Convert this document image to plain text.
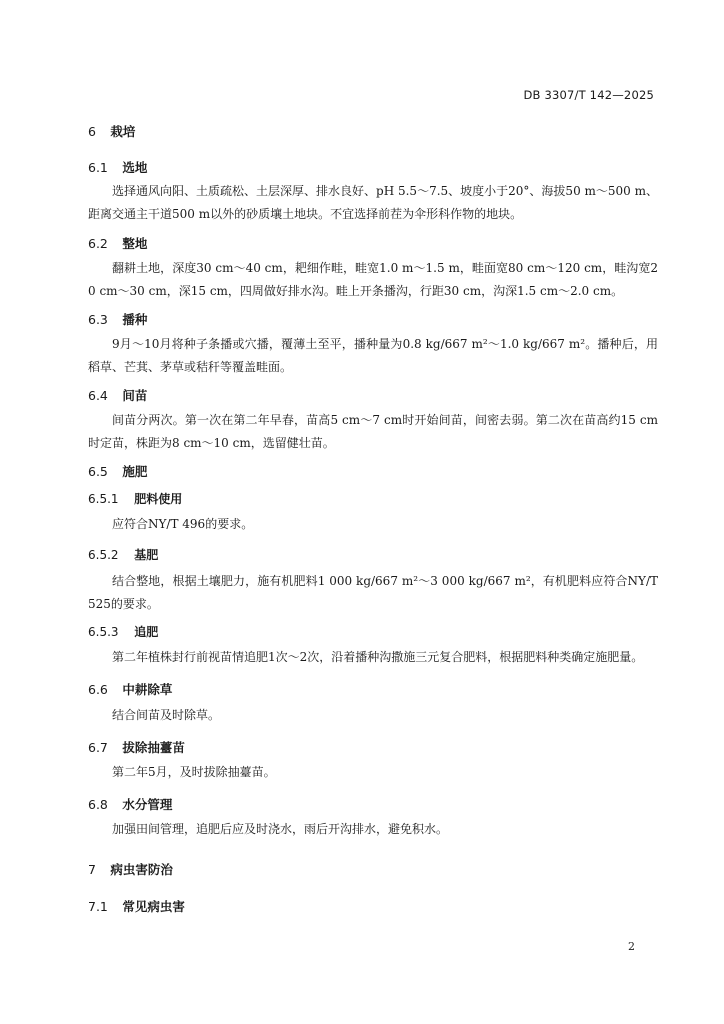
DB 3307/T 142—2025
6 栽培
6.1 选地

选择通风向阳、土质疏松、土层深厚、排水良好、pH 5.5～7.5、坡度小于20°、海拔50 m～500 m、距离交通主干道500 m以外的砂质壤土地块。不宜选择前茬为伞形科作物的地块。

6.2 整地

翻耕土地，深度30 cm～40 cm，耙细作畦，畦宽1.0 m～1.5 m，畦面宽80 cm～120 cm，畦沟宽20 cm～30 cm，深15 cm，四周做好排水沟。畦上开条播沟，行距30 cm，沟深1.5 cm～2.0 cm。

6.3 播种

9月～10月将种子条播或穴播，覆薄土至平，播种量为0.8 kg/667 m²～1.0 kg/667 m²。播种后，用稻草、芒萁、茅草或秸秆等覆盖畦面。

6.4 间苗

间苗分两次。第一次在第二年早春，苗高5 cm～7 cm时开始间苗，间密去弱。第二次在苗高约15 cm时定苗，株距为8 cm～10 cm，选留健壮苗。

6.5 施肥
6.5.1 肥料使用

应符合NY/T 496的要求。

6.5.2 基肥

结合整地，根据土壤肥力，施有机肥料1 000 kg/667 m²～3 000 kg/667 m²，有机肥料应符合NY/T 525的要求。

6.5.3 追肥

第二年植株封行前视苗情追肥1次～2次，沿着播种沟撒施三元复合肥料，根据肥料种类确定施肥量。

6.6 中耕除草

结合间苗及时除草。

6.7 拔除抽薹苗

第二年5月，及时拔除抽薹苗。

6.8 水分管理

加强田间管理，追肥后应及时浇水，雨后开沟排水，避免积水。

7 病虫害防治
7.1 常见病虫害
2
